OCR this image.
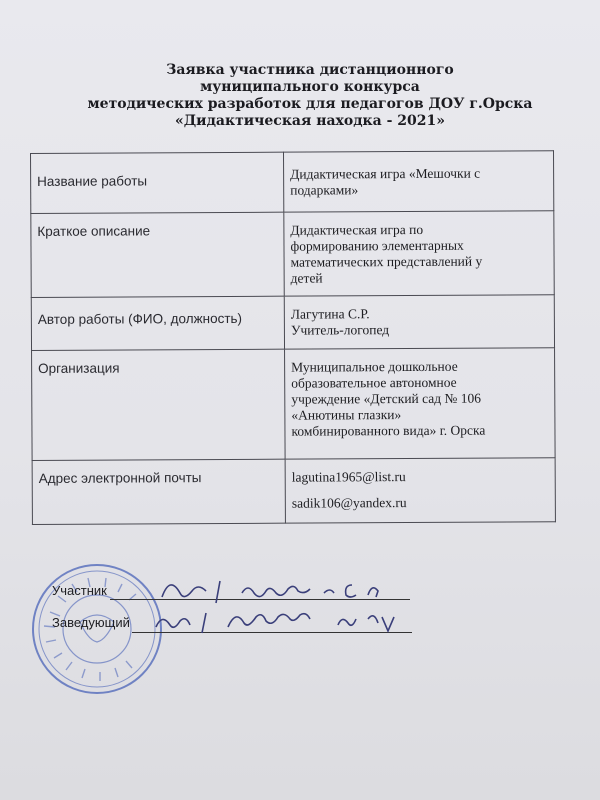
Заявка участника дистанционного
муниципального конкурса
методических разработок для педагогов ДОУ г.Орска
«Дидактическая находка - 2021»
Название работы	Дидактическая игра «Мешочки с
подарками»

Краткое описание	Дидактическая игра по
формированию элементарных
математических представлений у
детей

Автор работы (ФИО, должность)	Лагутина С.Р.
Учитель-логопед

Организация	Муниципальное дошкольное
образовательное автономное
учреждение «Детский сад № 106
«Анютины глазки»
комбинированного вида» г. Орска

Адрес электронной почты	lagutina1965@list.ru
sadik106@yandex.ru
Участник
Заведующий
